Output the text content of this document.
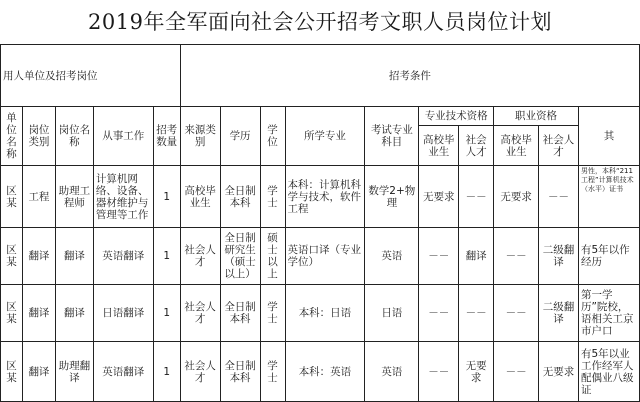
2019年全军面向社会公开招考文职人员岗位计划
用人单位及招考岗位					招考条件									
单位名称	岗位类别	岗位名称	从事工作	招考数量	来源类别	学历	学位	所学专业	考试专业科目	专业技术资格		职业资格		其
										高校毕业生	社会人才	高校毕业生	社会人才	
区某	工程	助理工程师	计算机网络、设备、器材维护与管理等工作	1	高校毕业生	全日制本科	学士	本科：计算机科学与技术，软件工程	数学2+物理	无要求	－－	无要求	－－	男性，本科“211工程”计算机技术（水平）证书
区某	翻译	翻译	英语翻译	1	社会人才	全日制研究生（硕士以上）	硕士以上	英语口译（专业学位）	英语	－－	翻译	－－	二级翻译	有5年以作经历
区某	翻译	翻译	日语翻译	1	社会人才	全日制本科	学士	本科：日语	日语	－－	－－	－－	二级翻译	第一学历”院校，语相关工京市户口
区某	翻译	助理翻译	英语翻译	1	社会人才	全日制本科	学士	本科：英语	英语	－－	无要求	－－	无要求	有5年以业工作经军人配偶业八级证
